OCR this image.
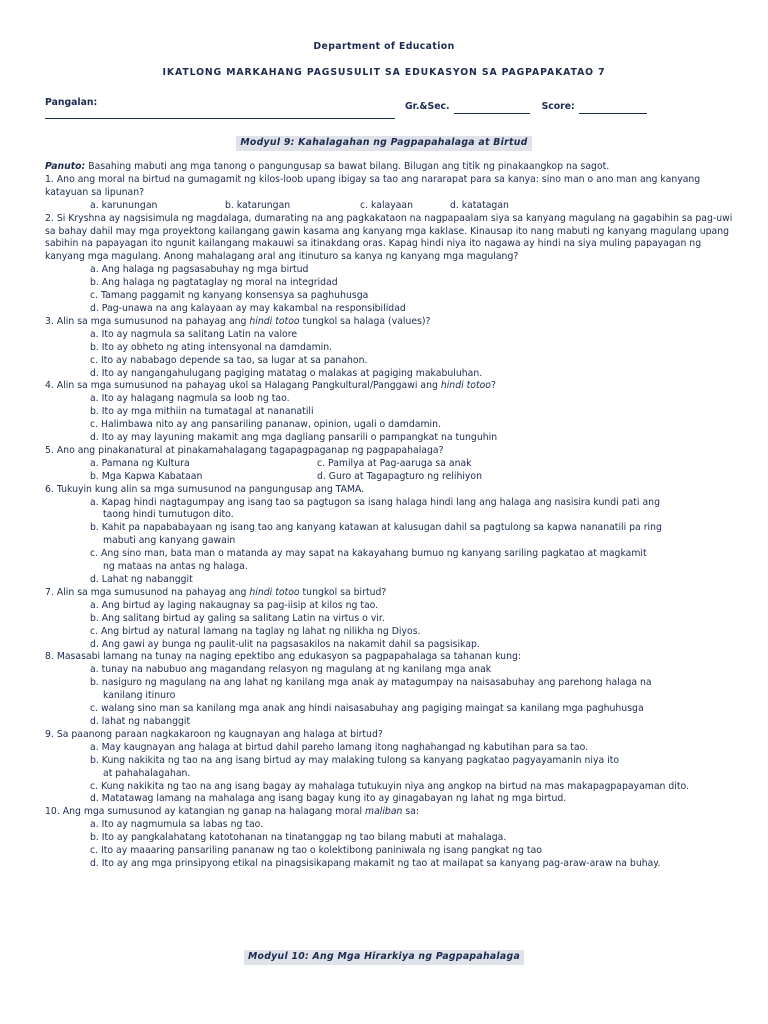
Department of Education
IKATLONG MARKAHANG PAGSUSULIT SA EDUKASYON SA PAGPAPAKATAO 7
Pangalan:	Gr.&Sec.	Score:
Modyul 9: Kahalagahan ng Pagpapahalaga at Birtud
Panuto: Basahing mabuti ang mga tanong o pangungusap sa bawat bilang. Bilugan ang titik ng pinakaangkop na sagot.
1. Ano ang moral na birtud na gumagamit ng kilos-loob upang ibigay sa tao ang nararapat para sa kanya: sino man o ano man ang kanyang katayuan sa lipunan?
a. karunungan	b. katarungan	c. kalayaan	d. katatagan
2. Si Kryshna ay nagsisimula ng magdalaga, dumarating na ang pagkakataon na nagpapaalam siya sa kanyang magulang na gagabihin sa pag-uwi sa bahay dahil may mga proyektong kailangang gawin kasama ang kanyang mga kaklase. Kinausap ito nang mabuti ng kanyang magulang upang sabihin na papayagan ito ngunit kailangang makauwi sa itinakdang oras. Kapag hindi niya ito nagawa ay hindi na siya muling papayagan ng kanyang mga magulang. Anong mahalagang aral ang itinuturo sa kanya ng kanyang mga magulang?
a. Ang halaga ng pagsasabuhay ng mga birtud
b. Ang halaga ng pagtataglay ng moral na integridad
c. Tamang paggamit ng kanyang konsensya sa paghuhusga
d. Pag-unawa na ang kalayaan ay may kakambal na responsibilidad
3. Alin sa mga sumusunod na pahayag ang hindi totoo tungkol sa halaga (values)?
a. Ito ay nagmula sa salitang Latin na valore
b. Ito ay obheto ng ating intensyonal na damdamin.
c. Ito ay nababago depende sa tao, sa lugar at sa panahon.
d. Ito ay nangangahulugang pagiging matatag o malakas at pagiging makabuluhan.
4. Alin sa mga sumusunod na pahayag ukol sa Halagang Pangkultural/Panggawi ang hindi totoo?
a. Ito ay halagang nagmula sa loob ng tao.
b. Ito ay mga mithiin na tumatagal at nananatili
c. Halimbawa nito ay ang pansariling pananaw, opinion, ugali o damdamin.
d. Ito ay may layuning makamit ang mga dagliang pansarili o pampangkat na tunguhin
5. Ano ang pinakanatural at pinakamahalagang tagapagpaganap ng pagpapahalaga?
a. Pamana ng Kultura	c. Pamilya at Pag-aaruga sa anak
b. Mga Kapwa Kabataan	d. Guro at Tagapagturo ng relihiyon
6. Tukuyin kung alin sa mga sumusunod na pangungusap ang TAMA.
a. Kapag hindi nagtagumpay ang isang tao sa pagtugon sa isang halaga hindi lang ang halaga ang nasisira kundi pati ang
taong hindi tumutugon dito.
b. Kahit pa napababayaan ng isang tao ang kanyang katawan at kalusugan dahil sa pagtulong sa kapwa nananatili pa ring
mabuti ang kanyang gawain
c. Ang sino man, bata man o matanda ay may sapat na kakayahang bumuo ng kanyang sariling pagkatao at magkamit
ng mataas na antas ng halaga.
d. Lahat ng nabanggit
7. Alin sa mga sumusunod na pahayag ang hindi totoo tungkol sa birtud?
a. Ang birtud ay laging nakaugnay sa pag-iisip at kilos ng tao.
b. Ang salitang birtud ay galing sa salitang Latin na virtus o vir.
c. Ang birtud ay natural lamang na taglay ng lahat ng nilikha ng Diyos.
d. Ang gawi ay bunga ng paulit-ulit na pagsasakilos na nakamit dahil sa pagsisikap.
8. Masasabi lamang na tunay na naging epektibo ang edukasyon sa pagpapahalaga sa tahanan kung:
a. tunay na nabubuo ang magandang relasyon ng magulang at ng kanilang mga anak
b. nasiguro ng magulang na ang lahat ng kanilang mga anak ay matagumpay na naisasabuhay ang parehong halaga na
kanilang itinuro
c. walang sino man sa kanilang mga anak ang hindi naisasabuhay ang pagiging maingat sa kanilang mga paghuhusga
d. lahat ng nabanggit
9. Sa paanong paraan nagkakaroon ng kaugnayan ang halaga at birtud?
a. May kaugnayan ang halaga at birtud dahil pareho lamang itong naghahangad ng kabutihan para sa tao.
b. Kung nakikita ng tao na ang isang birtud ay may malaking tulong sa kanyang pagkatao pagyayamanin niya ito
at pahahalagahan.
c. Kung nakikita ng tao na ang isang bagay ay mahalaga tutukuyin niya ang angkop na birtud na mas makapagpapayaman dito.
d. Matatawag lamang na mahalaga ang isang bagay kung ito ay ginagabayan ng lahat ng mga birtud.
10. Ang mga sumusunod ay katangian ng ganap na halagang moral maliban sa:
a. Ito ay nagmumula sa labas ng tao.
b. Ito ay pangkalahatang katotohanan na tinatanggap ng tao bilang mabuti at mahalaga.
c. Ito ay maaaring pansariling pananaw ng tao o kolektibong paniniwala ng isang pangkat ng tao
d. Ito ay ang mga prinsipyong etikal na pinagsisikapang makamit ng tao at mailapat sa kanyang pag-araw-araw na buhay.
Modyul 10: Ang Mga Hirarkiya ng Pagpapahalaga
